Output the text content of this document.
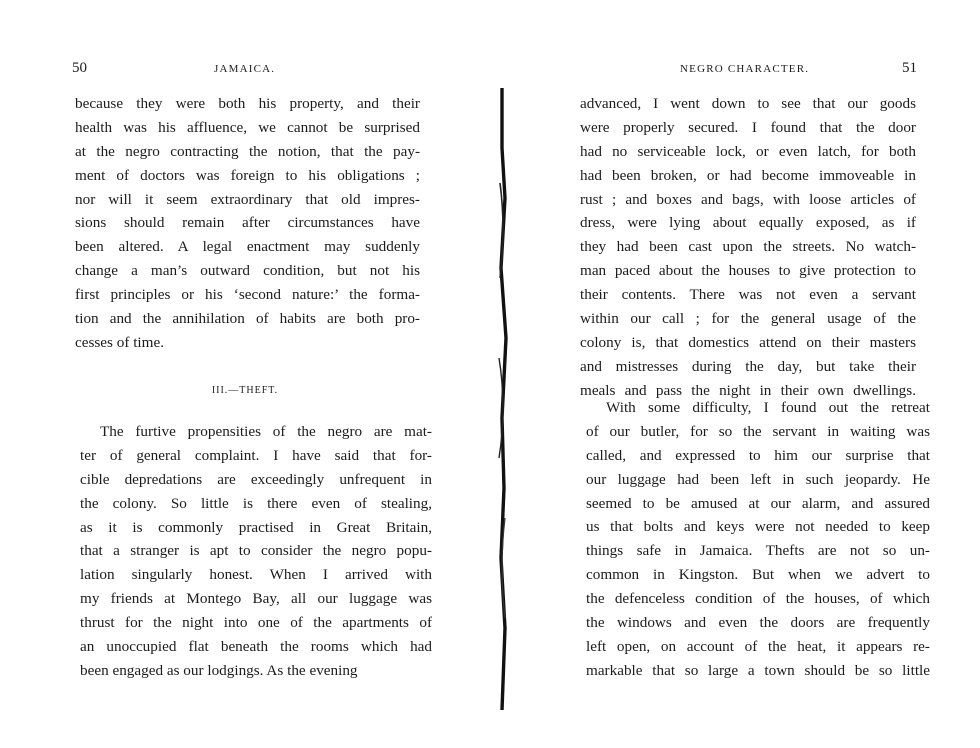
50	JAMAICA.
because they were both his property, and their
health was his affluence, we cannot be surprised
at the negro contracting the notion, that the pay-
ment of doctors was foreign to his obligations ;
nor will it seem extraordinary that old impres-
sions should remain after circumstances have
been altered. A legal enactment may suddenly
change a man’s outward condition, but not his
first principles or his ‘second nature:’ the forma-
tion and the annihilation of habits are both pro-
cesses of time.
III.—THEFT.
The furtive propensities of the negro are mat-
ter of general complaint. I have said that for-
cible depredations are exceedingly unfrequent in
the colony. So little is there even of stealing,
as it is commonly practised in Great Britain,
that a stranger is apt to consider the negro popu-
lation singularly honest. When I arrived with
my friends at Montego Bay, all our luggage was
thrust for the night into one of the apartments of
an unoccupied flat beneath the rooms which had
been engaged as our lodgings. As the evening
NEGRO CHARACTER.	51
advanced, I went down to see that our goods
were properly secured. I found that the door
had no serviceable lock, or even latch, for both
had been broken, or had become immoveable in
rust ; and boxes and bags, with loose articles of
dress, were lying about equally exposed, as if
they had been cast upon the streets. No watch-
man paced about the houses to give protection to
their contents. There was not even a servant
within our call ; for the general usage of the
colony is, that domestics attend on their masters
and mistresses during the day, but take their
meals and pass the night in their own dwellings.
With some difficulty, I found out the retreat
of our butler, for so the servant in waiting was
called, and expressed to him our surprise that
our luggage had been left in such jeopardy. He
seemed to be amused at our alarm, and assured
us that bolts and keys were not needed to keep
things safe in Jamaica. Thefts are not so un-
common in Kingston. But when we advert to
the defenceless condition of the houses, of which
the windows and even the doors are frequently
left open, on account of the heat, it appears re-
markable that so large a town should be so little
